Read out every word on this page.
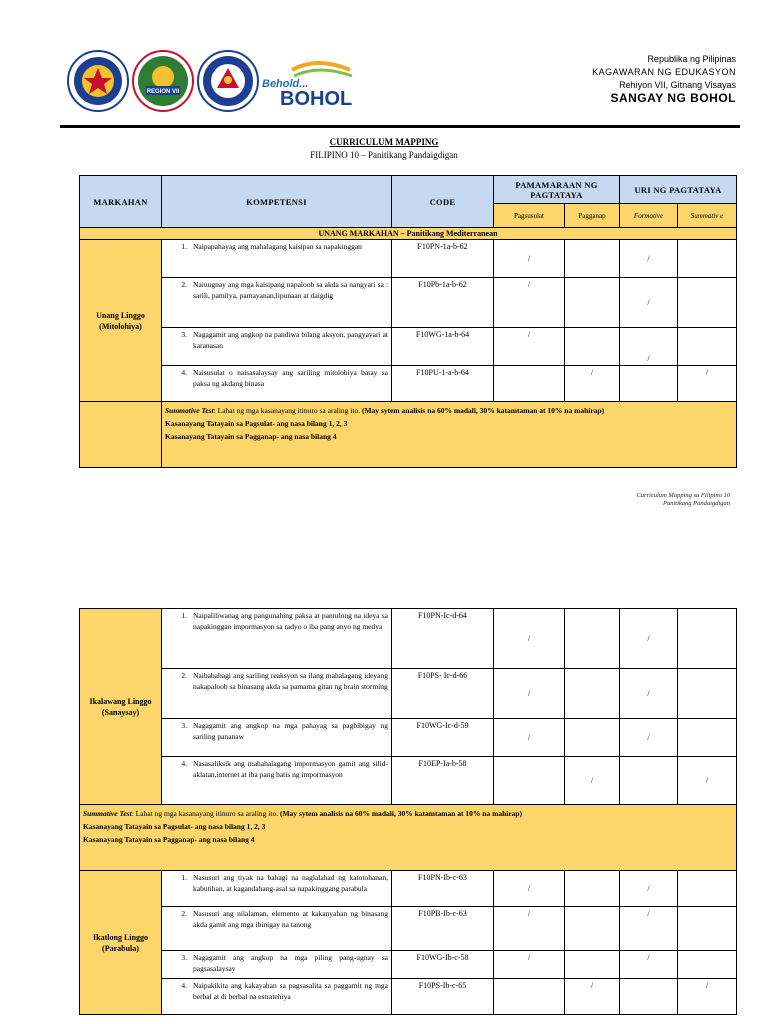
REGION VII
Behold...
BOHOL
Republika ng Pilipinas
KAGAWARAN NG EDUKASYON
Rehiyon VII, Gitnang Visayas
SANGAY NG BOHOL
CURRICULUM MAPPING
FILIPINO 10 – Panitikang Pandaigdigan
MARKAHAN	KOMPETENSI	CODE	PAMAMARAAN NG PAGTATAYA		URI NG PAGTATAYA	
			Pagsusulat	Pagganap	Formative	Summativ e
UNANG MARKAHAN – Panitikang Mediterranean						
Unang Linggo (Mitolohiya)	1. Naipapahayag ang mahalagang kaisipan sa napakinggan	F10PN-1a-b-62	/		/	

	2. Naiuugnay ang mga kaisipang napaloob sa akda sa nangyari sa : sarili, pamilya, pamayanan,lipunaan at daigdig	F10Pb-1a-b-62	/		/	

	3. Nagagamit ang angkop na pandiwa bilang aksyon, pangyayari at karanasan	F10WG-1a-b-64	/		/	

	4. Naisusulat o naisasalaysay ang sariling mitolohiya batay sa paksa ng akdang binasa	F10PU-1-a-b-64		/		/

	Summative Test: Lahat ng mga kasanayang itinuro sa araling ito. (May sytem analisis na 60% madali, 30% katamtaman at 10% na mahirap)
Kasanayang Tatayain sa Pagsulat- ang nasa bilang 1, 2, 3
Kasanayang Tatayain sa Pagganap- ang nasa bilang 4					
Curriculum Mapping sa Filipino 10
Panitikang Pandaigdigan
Ikalawang Linggo (Sanaysay)	1. Naipaliliwanag ang pangunahing paksa at pantulong na ideya sa napakinggan impormasyon sa radyo o iba pang anyo ng medya	F10PN-Ic-d-64	/		/	

	2. Naibabahagi ang sariling reaksyon sa ilang mahalagang ideyang nakapaloob sa binasang akda sa pamama gitan ng brain storming	F10PS- Ic-d-66	/		/	

	3. Nagagamit ang angkop na mga pahayag sa pagbibigay ng sariling pananaw	F10WG-Ic-d-59	/		/	

	4. Nasasaliksik ang mahahalagang impormasyon gamit ang silid-aklatan,internet at iba pang batis ng impormasyon	F10EP-Ia-b-58		/		/

Summative Test: Lahat ng mga kasanayang itinuro sa araling ito. (May sytem analisis na 60% madali, 30% katamtaman at 10% na mahirap)
Kasanayang Tatayain sa Pagsulat- ang nasa bilang 1, 2, 3
Kasanayang Tatayain sa Pagganap- ang nasa bilang 4						

Ikatlong Linggo (Parabula)	1. Nasusuri ang tiyak na bahagi na naglalahad ng katotohanan, kabutihan, at kagandahang-asal sa napakinggang parabula	F10PN-Ib-c-63	/		/	

	2. Nasusuri ang nilalaman, elemento at kakanyahan ng binasang akda gamit ang mga ibinigay na tanong	F10PB-Ib-c-63	/		/	

	3. Nagagamit ang angkop na mga piling pang-ugnay sa pagsasalaysay	F10WG-Ib-c-58	/		/	

	4. Naipakikita ang kakayahan sa pagsasalita sa paggamit ng mga berbal at di berbal na estratehiya	F10PS-Ib-c-65		/		/
